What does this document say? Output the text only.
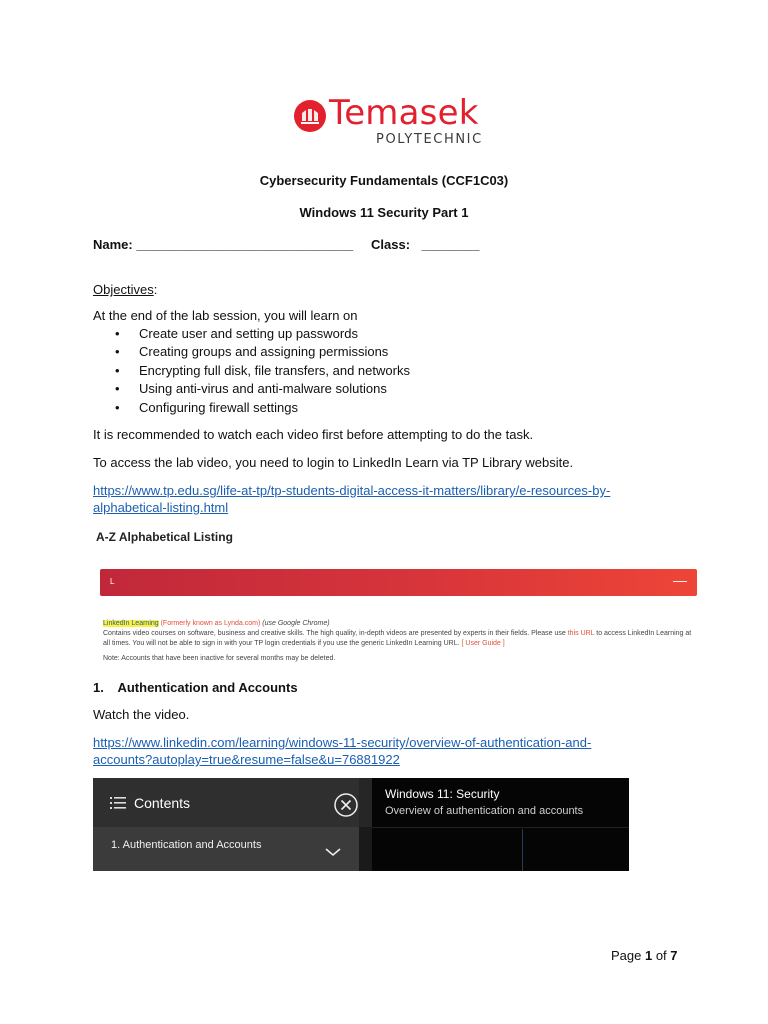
Temasek
POLYTECHNIC
Cybersecurity Fundamentals (CCF1C03)
Windows 11 Security Part 1
Name: ______________________________ Class: ________
Objectives:
At the end of the lab session, you will learn on
• Create user and setting up passwords
• Creating groups and assigning permissions
• Encrypting full disk, file transfers, and networks
• Using anti-virus and anti-malware solutions
• Configuring firewall settings
It is recommended to watch each video first before attempting to do the task.
To access the lab video, you need to login to LinkedIn Learn via TP Library website.
https://www.tp.edu.sg/life-at-tp/tp-students-digital-access-it-matters/library/e-resources-by-
alphabetical-listing.html
A-Z Alphabetical Listing
L	—
LinkedIn Learning (Formerly known as Lynda.com) (use Google Chrome)
Contains video courses on software, business and creative skills. The high quality, in-depth videos are presented by experts in their fields. Please use this URL to access LinkedIn Learning at all times. You will not be able to sign in with your TP login credentials if you use the generic LinkedIn Learning URL. [ User Guide ]
Note: Accounts that have been inactive for several months may be deleted.
1. Authentication and Accounts
Watch the video.
https://www.linkedin.com/learning/windows-11-security/overview-of-authentication-and-
accounts?autoplay=true&resume=false&u=76881922
Contents
1. Authentication and Accounts
Windows 11: Security
Overview of authentication and accounts
Page 1 of 7
